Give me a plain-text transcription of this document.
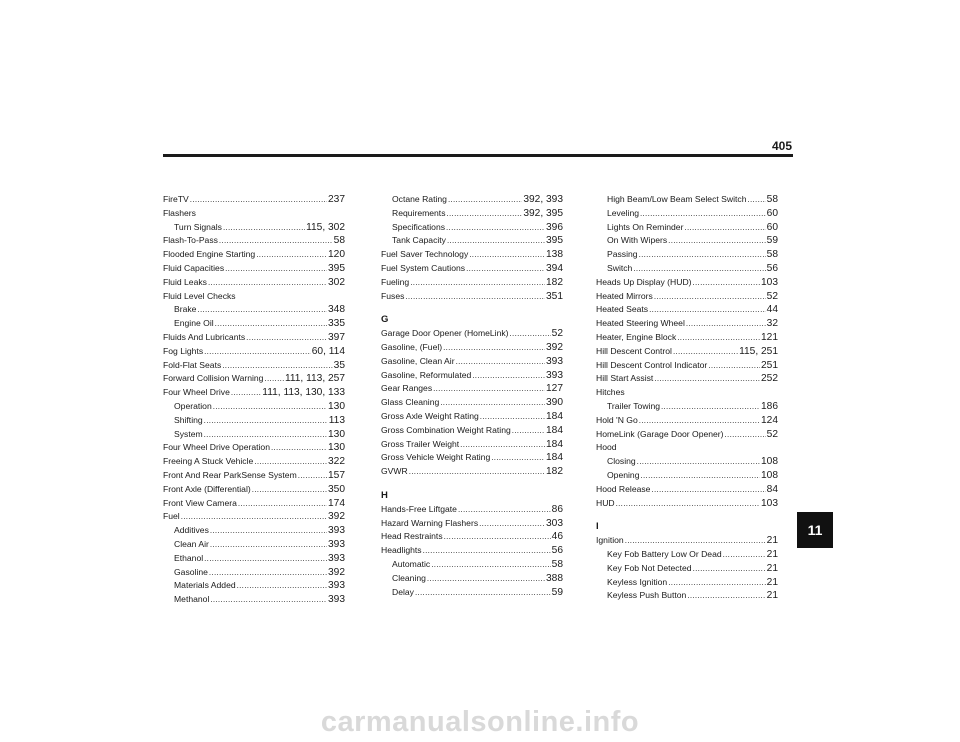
405
FireTV .....	237
Flashers
Turn Signals .....	115, 302
Flash-To-Pass .....	58
Flooded Engine Starting .....	120
Fluid Capacities .....	395
Fluid Leaks .....	302
Fluid Level Checks
Brake .....	348
Engine Oil .....	335
Fluids And Lubricants .....	397
Fog Lights .....	60, 114
Fold-Flat Seats .....	35
Forward Collision Warning ..... 111, 113, 257
Four Wheel Drive .....	111, 113, 130, 133
Operation .....	130
Shifting .....	113
System .....	130
Four Wheel Drive Operation .....	130
Freeing A Stuck Vehicle .....	322
Front And Rear ParkSense System .....	157
Front Axle (Differential) .....	350
Front View Camera .....	174
Fuel .....	392
Additives .....	393
Clean Air .....	393
Ethanol .....	393
Gasoline .....	392
Materials Added .....	393
Methanol .....	393
Octane Rating .....	392, 393
Requirements .....	392, 395
Specifications .....	396
Tank Capacity .....	395
Fuel Saver Technology .....	138
Fuel System Cautions .....	394
Fueling .....	182
Fuses .....	351
G
Garage Door Opener (HomeLink) .....	52
Gasoline, (Fuel) .....	392
Gasoline, Clean Air .....	393
Gasoline, Reformulated .....	393
Gear Ranges .....	127
Glass Cleaning .....	390
Gross Axle Weight Rating .....	184
Gross Combination Weight Rating .....	184
Gross Trailer Weight .....	184
Gross Vehicle Weight Rating .....	184
GVWR .....	182
H
Hands-Free Liftgate .....	86
Hazard Warning Flashers .....	303
Head Restraints .....	46
Headlights .....	56
Automatic .....	58
Cleaning .....	388
Delay .....	59
High Beam/Low Beam Select Switch ..... 58
Leveling .....	60
Lights On Reminder .....	60
On With Wipers .....	59
Passing .....	58
Switch .....	56
Heads Up Display (HUD) .....	103
Heated Mirrors .....	52
Heated Seats .....	44
Heated Steering Wheel .....	32
Heater, Engine Block .....	121
Hill Descent Control .....	115, 251
Hill Descent Control Indicator .....	251
Hill Start Assist .....	252
Hitches
Trailer Towing .....	186
Hold 'N Go .....	124
HomeLink (Garage Door Opener) .....	52
Hood
Closing .....	108
Opening .....	108
Hood Release .....	84
HUD .....	103
I
Ignition .....	21
Key Fob Battery Low Or Dead .....	21
Key Fob Not Detected .....	21
Keyless Ignition .....	21
Keyless Push Button .....	21
11
carmanualsonline.info
